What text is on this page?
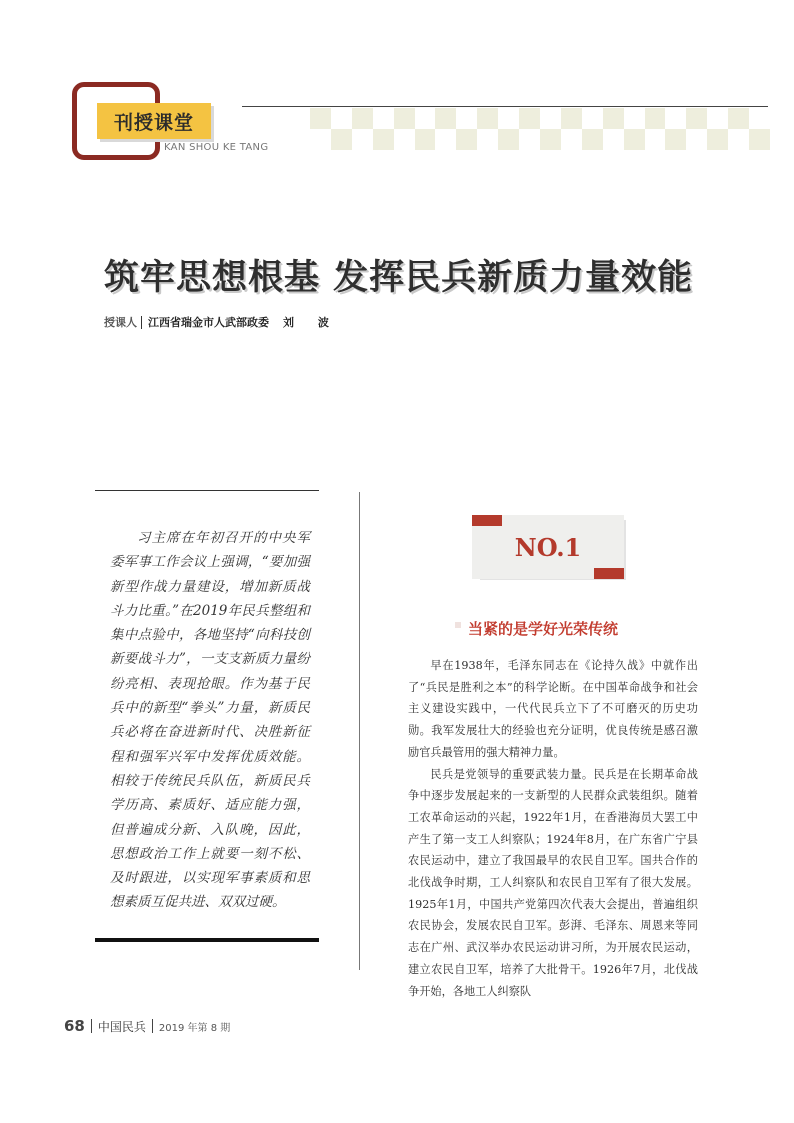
刊授课堂
KAN SHOU KE TANG
筑牢思想根基 发挥民兵新质力量效能
授课人 江西省瑞金市人武部政委 刘 波
习主席在年初召开的中央军委军事工作会议上强调，“要加强新型作战力量建设，增加新质战斗力比重。”在2019年民兵整组和集中点验中，各地坚持“向科技创新要战斗力”，一支支新质力量纷纷亮相、表现抢眼。作为基于民兵中的新型“拳头”力量，新质民兵必将在奋进新时代、决胜新征程和强军兴军中发挥优质效能。相较于传统民兵队伍，新质民兵学历高、素质好、适应能力强，但普遍成分新、入队晚，因此，思想政治工作上就要一刻不松、及时跟进，以实现军事素质和思想素质互促共进、双双过硬。
NO.1
当紧的是学好光荣传统

早在1938年，毛泽东同志在《论持久战》中就作出了“兵民是胜利之本”的科学论断。在中国革命战争和社会主义建设实践中，一代代民兵立下了不可磨灭的历史功勋。我军发展壮大的经验也充分证明，优良传统是感召激励官兵最管用的强大精神力量。

民兵是党领导的重要武装力量。民兵是在长期革命战争中逐步发展起来的一支新型的人民群众武装组织。随着工农革命运动的兴起，1922年1月，在香港海员大罢工中产生了第一支工人纠察队；1924年8月，在广东省广宁县农民运动中，建立了我国最早的农民自卫军。国共合作的北伐战争时期，工人纠察队和农民自卫军有了很大发展。1925年1月，中国共产党第四次代表大会提出，普遍组织农民协会，发展农民自卫军。彭湃、毛泽东、周恩来等同志在广州、武汉举办农民运动讲习所，为开展农民运动，建立农民自卫军，培养了大批骨干。1926年7月，北伐战争开始，各地工人纠察队

68 中国民兵 2019 年第 8 期
